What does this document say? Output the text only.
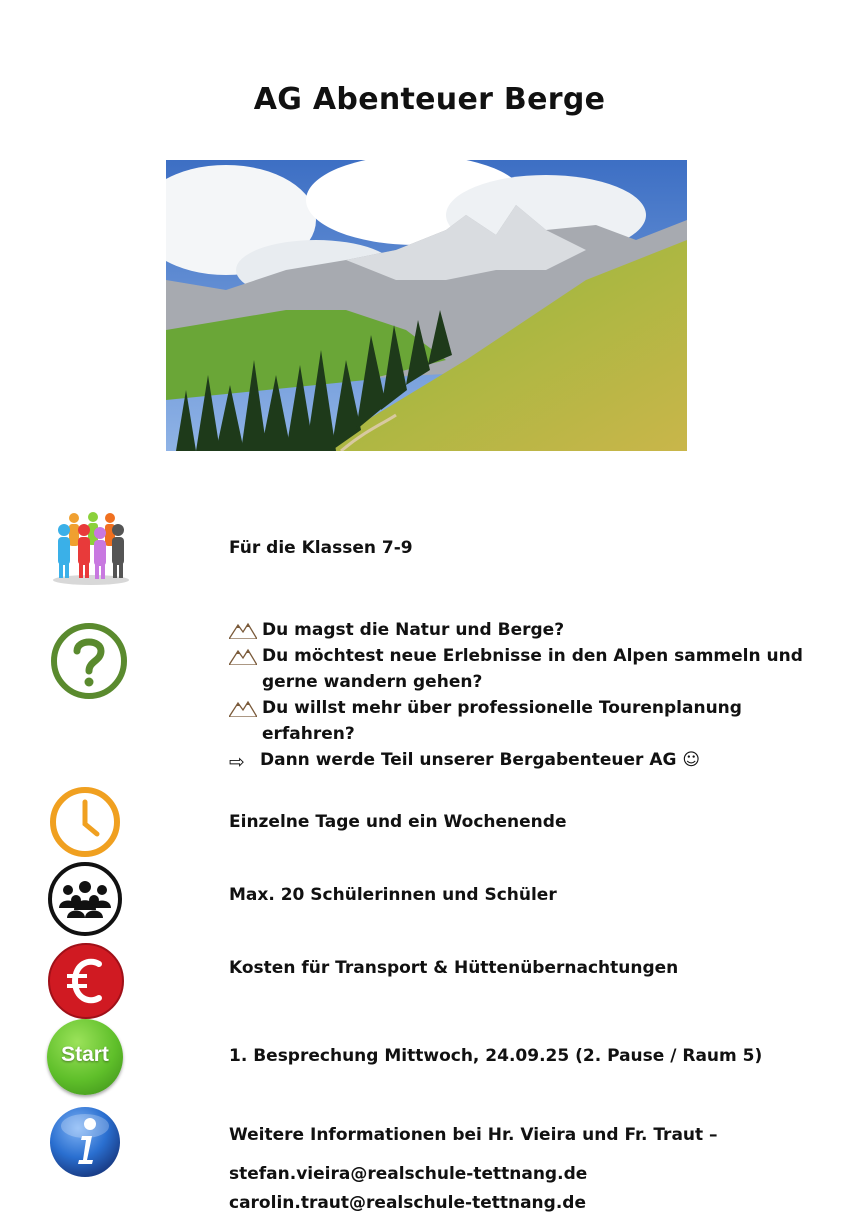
AG Abenteuer Berge
Start
Für die Klassen 7-9
Du magst die Natur und Berge?
Du möchtest neue Erlebnisse in den Alpen sammeln und gerne wandern gehen?
Du willst mehr über professionelle Tourenplanung erfahren?
⇨ Dann werde Teil unserer Bergabenteuer AG ☺
Einzelne Tage und ein Wochenende
Max. 20 Schülerinnen und Schüler
Kosten für Transport & Hüttenübernachtungen
1. Besprechung Mittwoch, 24.09.25 (2. Pause / Raum 5)
Weitere Informationen bei Hr. Vieira und Fr. Traut –
stefan.vieira@realschule-tettnang.de
carolin.traut@realschule-tettnang.de
